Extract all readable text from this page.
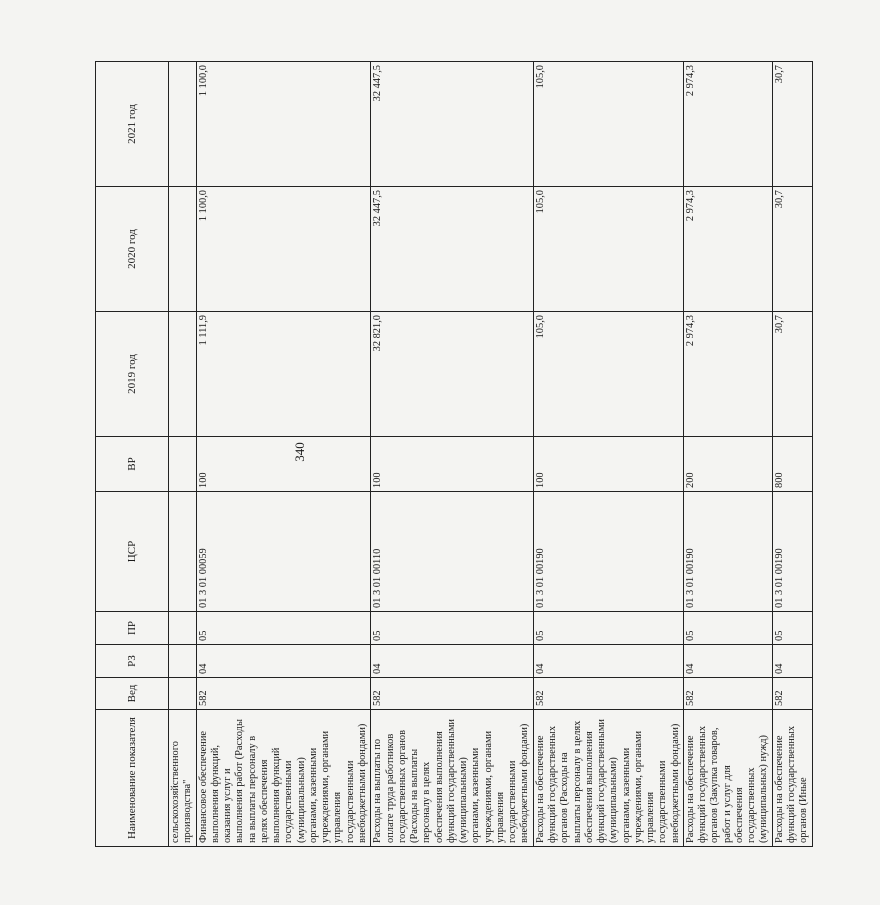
340
Наименование показателя	Вед	РЗ	ПР	ЦСР	ВР	2019 год	2020 год	2021 год
сельскохозяйственного производства"								
Финансовое обеспечение выполнения функций, оказания услуг и выполнения работ (Расходы на выплаты персоналу в целях обеспечения выполнения функций государственными (муниципальными) органами, казенными учреждениями, органами управления государственными внебюджетными фондами)	582	04	05	01 3 01 00059	100	1 111,9	1 100,0	1 100,0
Расходы на выплаты по оплате труда работников государственных органов (Расходы на выплаты персоналу в целях обеспечения выполнения функций государственными (муниципальными) органами, казенными учреждениями, органами управления государственными внебюджетными фондами)	582	04	05	01 3 01 00110	100	32 821,0	32 447,5	32 447,5
Расходы на обеспечение функций государственных органов (Расходы на выплаты персоналу в целях обеспечения выполнения функций государственными (муниципальными) органами, казенными учреждениями, органами управления государственными внебюджетными фондами)	582	04	05	01 3 01 00190	100	105,0	105,0	105,0
Расходы на обеспечение функций государственных органов (Закупка товаров, работ и услуг для обеспечения государственных (муниципальных) нужд)	582	04	05	01 3 01 00190	200	2 974,3	2 974,3	2 974,3
Расходы на обеспечение функций государственных органов (Иные	582	04	05	01 3 01 00190	800	30,7	30,7	30,7
